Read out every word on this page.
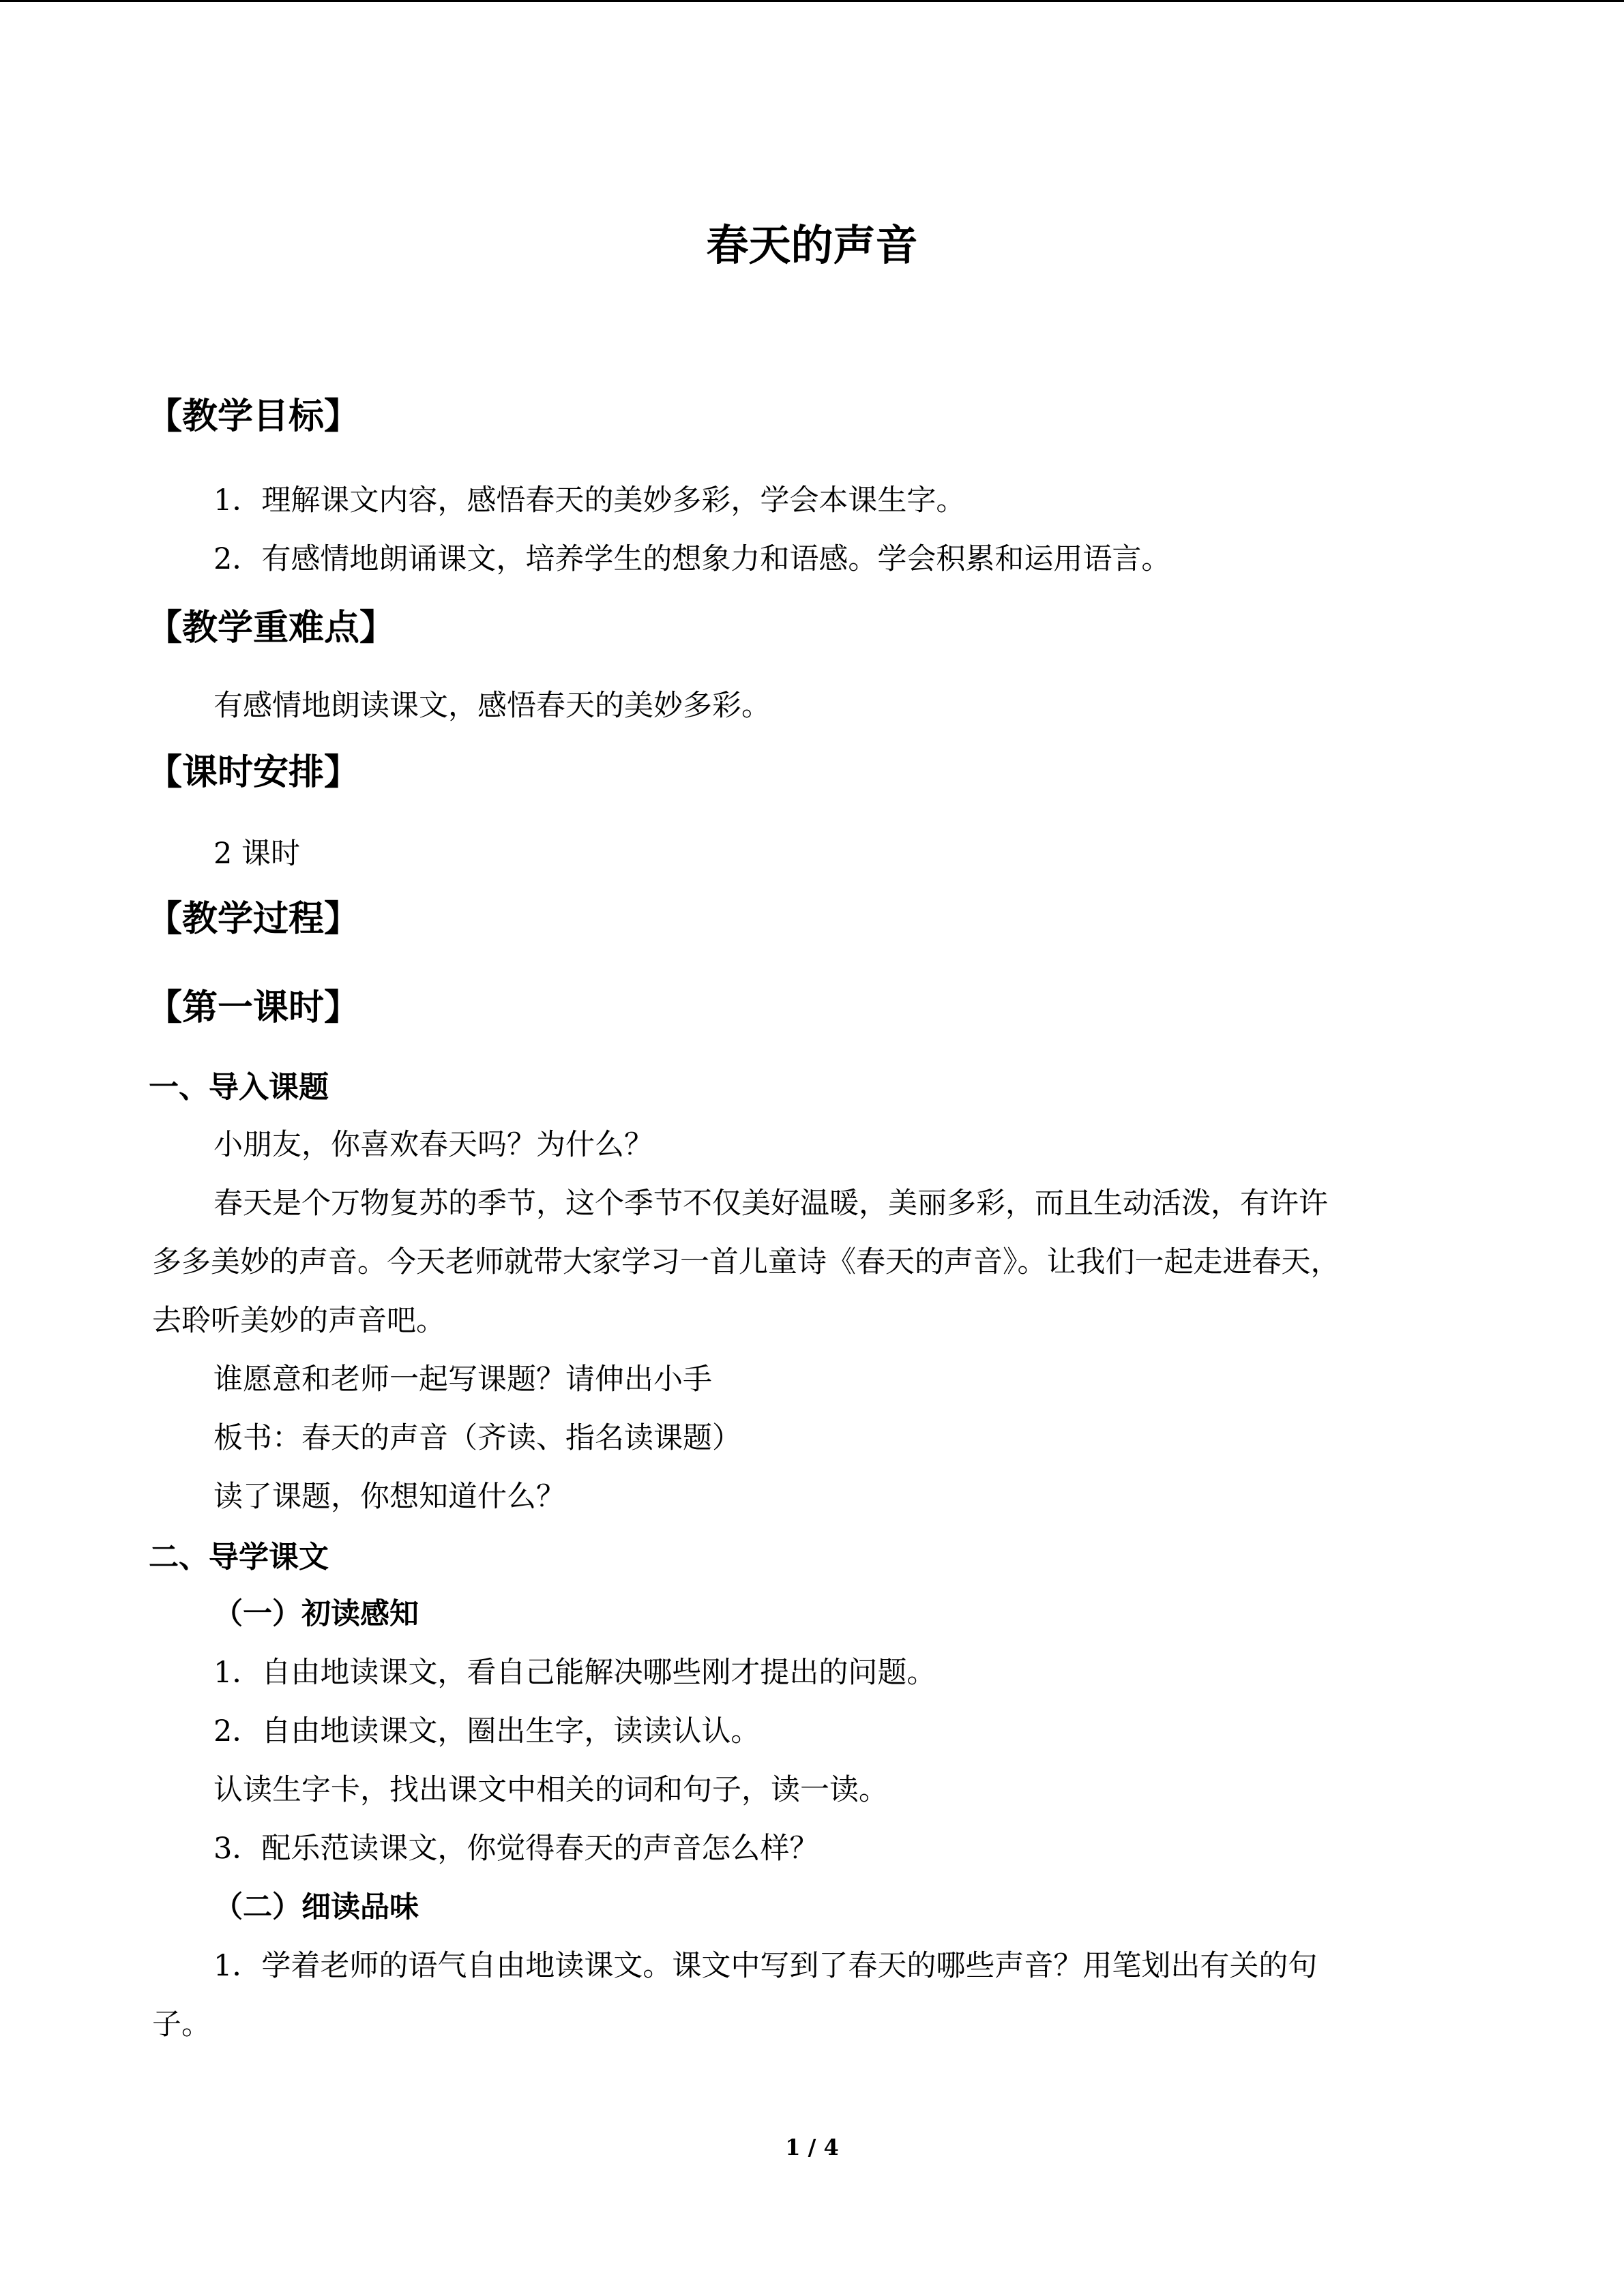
春天的声音
【教学目标】
1．理解课文内容，感悟春天的美妙多彩，学会本课生字。
2．有感情地朗诵课文，培养学生的想象力和语感。学会积累和运用语言。
【教学重难点】
有感情地朗读课文，感悟春天的美妙多彩。
【课时安排】
2 课时
【教学过程】
【第一课时】
一、导入课题
小朋友，你喜欢春天吗？为什么？
春天是个万物复苏的季节，这个季节不仅美好温暖，美丽多彩，而且生动活泼，有许许
多多美妙的声音。今天老师就带大家学习一首儿童诗《春天的声音》。让我们一起走进春天，
去聆听美妙的声音吧。
谁愿意和老师一起写课题？请伸出小手
板书：春天的声音（齐读、指名读课题）
读了课题，你想知道什么？
二、导学课文
（一）初读感知
1．自由地读课文，看自己能解决哪些刚才提出的问题。
2．自由地读课文，圈出生字，读读认认。
认读生字卡，找出课文中相关的词和句子，读一读。
3．配乐范读课文，你觉得春天的声音怎么样？
（二）细读品味
1．学着老师的语气自由地读课文。课文中写到了春天的哪些声音？用笔划出有关的句
子。
1 / 4
